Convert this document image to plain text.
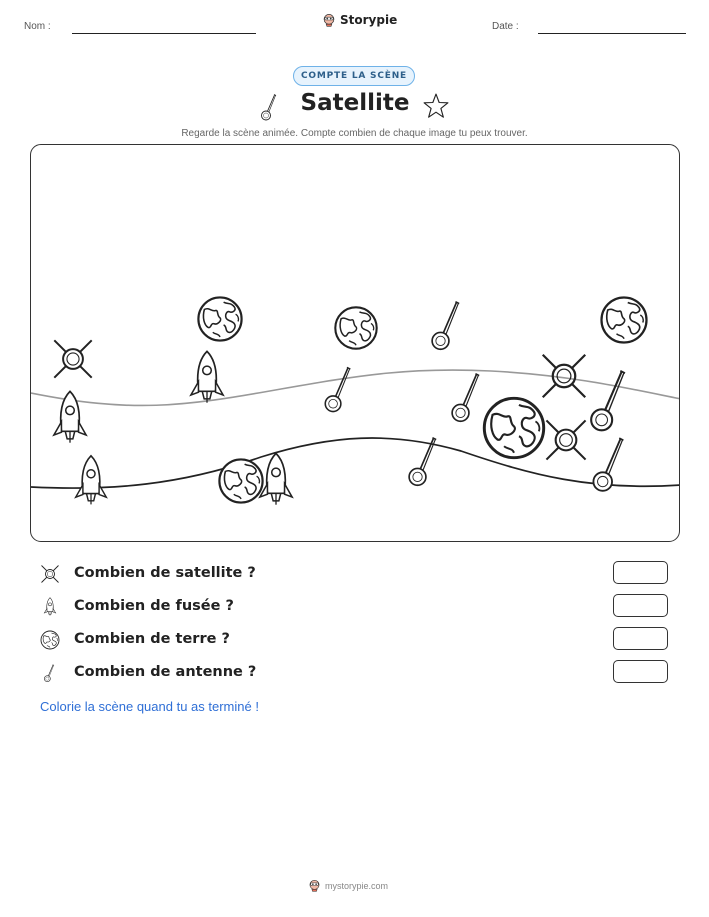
Nom :	Storypie	Date :
COMPTE LA SCÈNE
Satellite
Regarde la scène animée. Compte combien de chaque image tu peux trouver.
Combien de satellite ?
Combien de fusée ?
Combien de terre ?
Combien de antenne ?
Colorie la scène quand tu as terminé !
mystorypie.com
